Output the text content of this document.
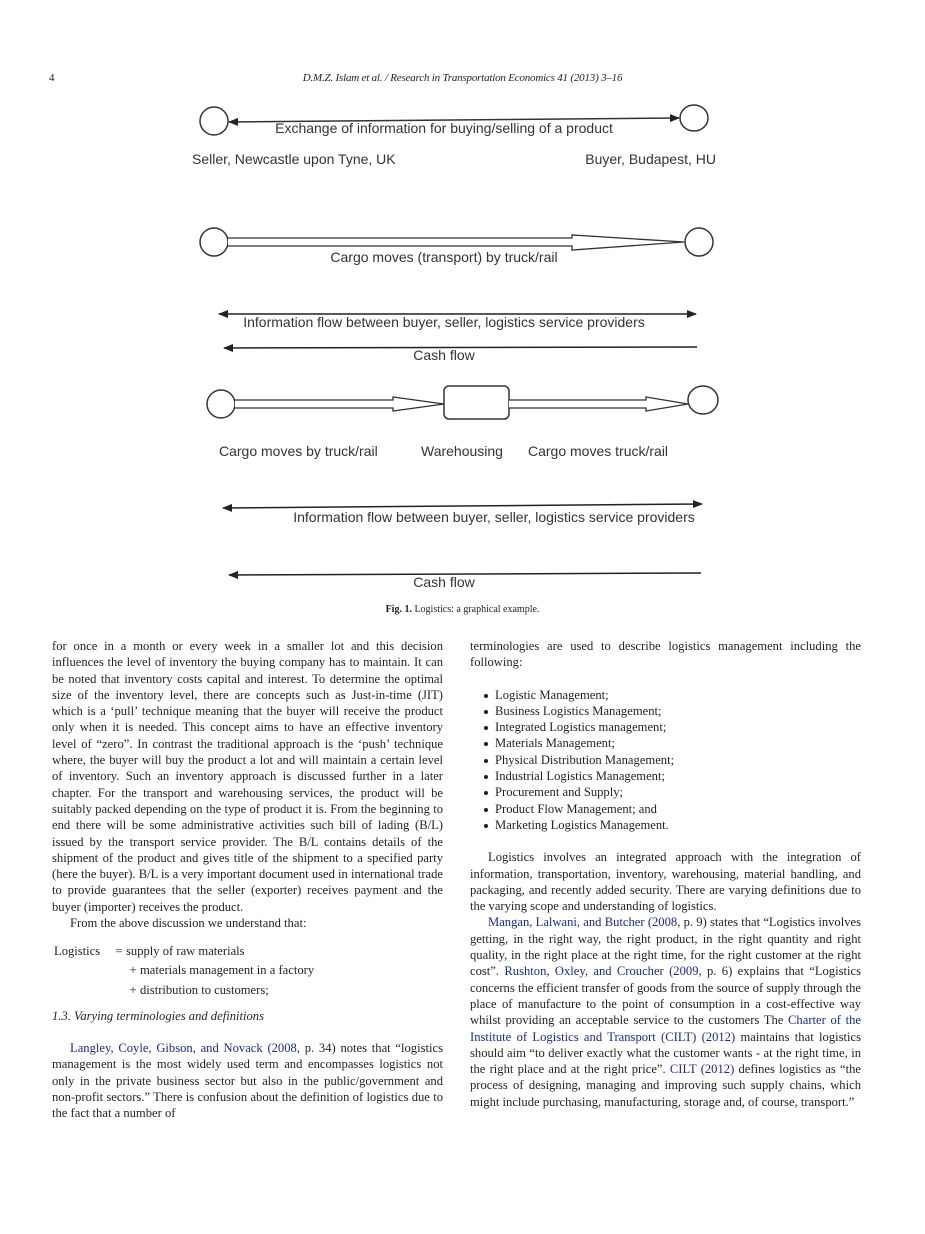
4	D.M.Z. Islam et al. / Research in Transportation Economics 41 (2013) 3–16
Exchange of information for buying/selling of a product
Seller, Newcastle upon Tyne, UK	Buyer, Budapest, HU
Cargo moves (transport) by truck/rail
Information flow between buyer, seller, logistics service providers
Cash flow
Cargo moves by truck/rail	Warehousing Cargo moves truck/rail
Information flow between buyer, seller, logistics service providers
Cash flow
Fig. 1. Logistics: a graphical example.

for once in a month or every week in a smaller lot and this decision influences the level of inventory the buying company has to maintain. It can be noted that inventory costs capital and interest. To determine the optimal size of the inventory level, there are concepts such as Just-in-time (JIT) which is a ‘pull’ technique meaning that the buyer will receive the product only when it is needed. This concept aims to have an effective inventory level of “zero”. In contrast the traditional approach is the ‘push’ technique where, the buyer will buy the product a lot and will maintain a certain level of inventory. Such an inventory approach is discussed further in a later chapter. For the transport and warehousing services, the product will be suitably packed depending on the type of product it is. From the beginning to end there will be some administrative activities such bill of lading (B/L) issued by the transport service provider. The B/L contains details of the shipment of the product and gives title of the shipment to a specified party (here the buyer). B/L is a very important document used in international trade to provide guarantees that the seller (exporter) receives payment and the buyer (importer) receives the product.

From the above discussion we understand that:

Logistics	= supply of raw materials
+ materials management in a factory
+ distribution to customers;

1.3. Varying terminologies and definitions

Langley, Coyle, Gibson, and Novack (2008, p. 34) notes that “logistics management is the most widely used term and encompasses logistics not only in the private business sector but also in the public/government and non-profit sectors.” There is confusion about the definition of logistics due to the fact that a number of

terminologies are used to describe logistics management including the following:

Logistic Management;
Business Logistics Management;
Integrated Logistics management;
Materials Management;
Physical Distribution Management;
Industrial Logistics Management;
Procurement and Supply;
Product Flow Management; and
Marketing Logistics Management.

Logistics involves an integrated approach with the integration of information, transportation, inventory, warehousing, material handling, and packaging, and recently added security. There are varying definitions due to the varying scope and understanding of logistics.

Mangan, Lalwani, and Butcher (2008, p. 9) states that “Logistics involves getting, in the right way, the right product, in the right quantity and right quality, in the right place at the right time, for the right customer at the right cost”. Rushton, Oxley, and Croucher (2009, p. 6) explains that “Logistics concerns the efficient transfer of goods from the source of supply through the place of manufacture to the point of consumption in a cost-effective way whilst providing an acceptable service to the customers The Charter of the Institute of Logistics and Transport (CILT) (2012) maintains that logistics should aim “to deliver exactly what the customer wants - at the right time, in the right place and at the right price”. CILT (2012) defines logistics as “the process of designing, managing and improving such supply chains, which might include purchasing, manufacturing, storage and, of course, transport.”
